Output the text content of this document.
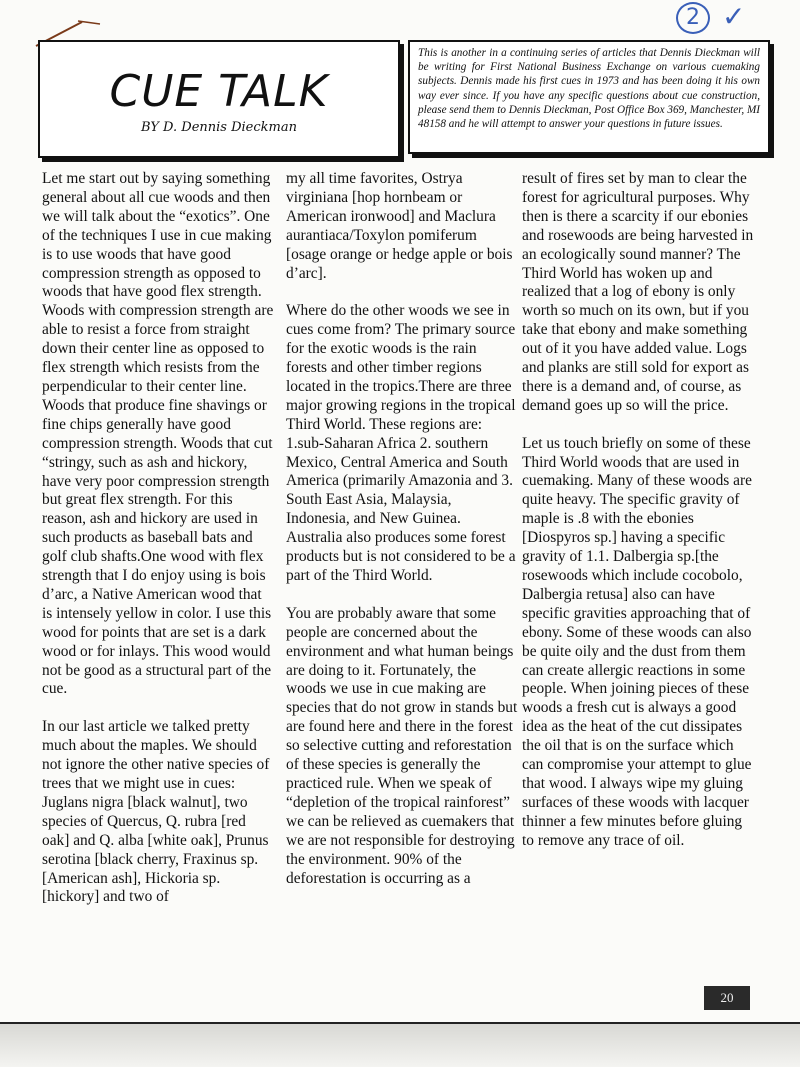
2 ✓
CUE TALK
BY D. Dennis Dieckman
This is another in a continuing series of articles that Dennis Dieckman will be writing for First National Business Exchange on various cuemaking subjects. Dennis made his first cues in 1973 and has been doing it his own way ever since. If you have any specific questions about cue construction, please send them to Dennis Dieckman, Post Office Box 369, Manchester, MI 48158 and he will attempt to answer your questions in future issues.

Let me start out by saying something general about all cue woods and then we will talk about the “exotics”. One of the techniques I use in cue making is to use woods that have good compression strength as opposed to woods that have good flex strength. Woods with compression strength are able to resist a force from straight down their center line as opposed to flex strength which resists from the perpendicular to their center line. Woods that produce fine shavings or fine chips generally have good compression strength. Woods that cut “stringy, such as ash and hickory, have very poor compression strength but great flex strength. For this reason, ash and hickory are used in such products as baseball bats and golf club shafts.One wood with flex strength that I do enjoy using is bois d’arc, a Native American wood that is intensely yellow in color. I use this wood for points that are set is a dark wood or for inlays. This wood would not be good as a structural part of the cue.

In our last article we talked pretty much about the maples. We should not ignore the other native species of trees that we might use in cues: Juglans nigra [black walnut], two species of Quercus, Q. rubra [red oak] and Q. alba [white oak], Prunus serotina [black cherry, Fraxinus sp. [American ash], Hickoria sp. [hickory] and two of

my all time favorites, Ostrya virginiana [hop hornbeam or American ironwood] and Maclura aurantiaca/Toxylon pomiferum [osage orange or hedge apple or bois d’arc].

Where do the other woods we see in cues come from? The primary source for the exotic woods is the rain forests and other timber regions located in the tropics.There are three major growing regions in the tropical Third World. These regions are: 1.sub-Saharan Africa 2. southern Mexico, Central America and South America (primarily Amazonia and 3. South East Asia, Malaysia, Indonesia, and New Guinea. Australia also produces some forest products but is not considered to be a part of the Third World.

You are probably aware that some people are concerned about the environment and what human beings are doing to it. Fortunately, the woods we use in cue making are species that do not grow in stands but are found here and there in the forest so selective cutting and reforestation of these species is generally the practiced rule. When we speak of “depletion of the tropical rainforest” we can be relieved as cuemakers that we are not responsible for destroying the environment. 90% of the deforestation is occurring as a

result of fires set by man to clear the forest for agricultural purposes. Why then is there a scarcity if our ebonies and rosewoods are being harvested in an ecologically sound manner? The Third World has woken up and realized that a log of ebony is only worth so much on its own, but if you take that ebony and make something out of it you have added value. Logs and planks are still sold for export as there is a demand and, of course, as demand goes up so will the price.

Let us touch briefly on some of these Third World woods that are used in cuemaking. Many of these woods are quite heavy. The specific gravity of maple is .8 with the ebonies [Diospyros sp.] having a specific gravity of 1.1. Dalbergia sp.[the rosewoods which include cocobolo, Dalbergia retusa] also can have specific gravities approaching that of ebony. Some of these woods can also be quite oily and the dust from them can create allergic reactions in some people. When joining pieces of these woods a fresh cut is always a good idea as the heat of the cut dissipates the oil that is on the surface which can compromise your attempt to glue that wood. I always wipe my gluing surfaces of these woods with lacquer thinner a few minutes before gluing to remove any trace of oil.

20
